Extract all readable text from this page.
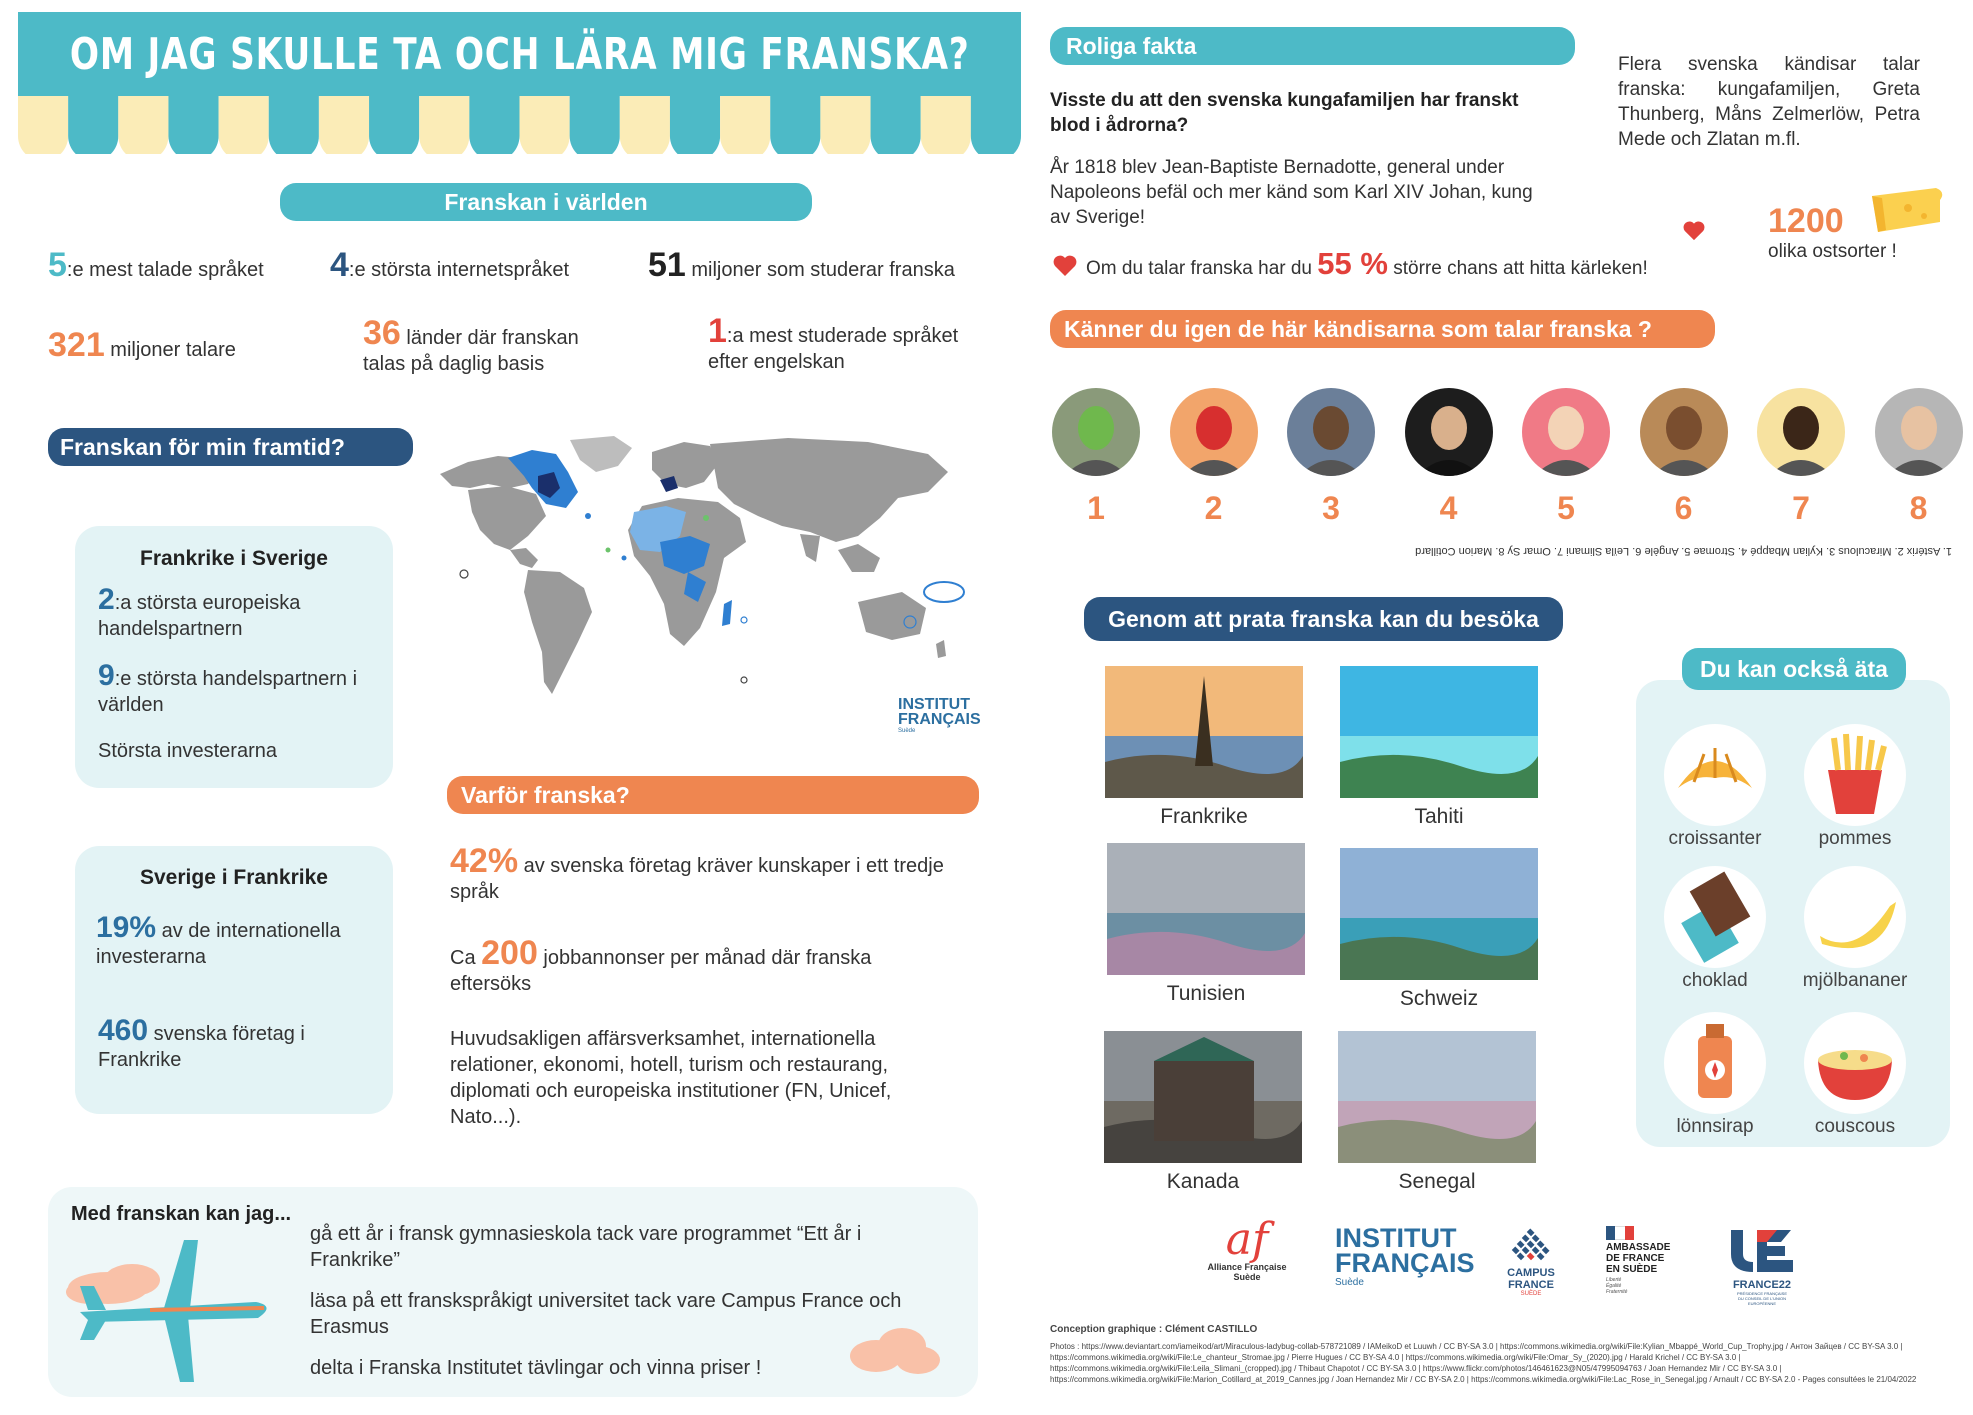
OM JAG SKULLE TA OCH LÄRA MIG FRANSKA?
Franskan i världen
5:e mest talade språket 4:e största internetspråket 51 miljoner som studerar franska
321 miljoner talare	36 länder där franskan talas på daglig basis
1:a mest studerade språket efter engelskan
Franskan för min framtid?
Frankrike i Sverige
2:a största europeiska handelspartnern
9:e största handelspartnern i världen
Största investerarna
Sverige i Frankrike
19% av de internationella investerarna
460 svenska företag i Frankrike
INSTITUT
FRANÇAIS
Suède
Varför franska?
42% av svenska företag kräver kunskaper i ett tredje språk
Ca 200 jobbannonser per månad där franska eftersöks
Huvudsakligen affärsverksamhet, internationella relationer, ekonomi, hotell, turism och restaurang, diplomati och europeiska institutioner (FN, Unicef, Nato...).
Med franskan kan jag...
gå ett år i fransk gymnasieskola tack vare programmet “Ett år i Frankrike”
läsa på ett franskspråkigt universitet tack vare Campus France och Erasmus
delta i Franska Institutet tävlingar och vinna priser !
Roliga fakta
Visste du att den svenska kungafamiljen har franskt blod i ådrorna?
År 1818 blev Jean-Baptiste Bernadotte, general under Napoleons befäl och mer känd som Karl XIV Johan, kung av Sverige!
Flera svenska kändisar talar franska: kungafamiljen, Greta Thunberg, Måns Zelmerlöw, Petra Mede och Zlatan m.fl.
Om du talar franska har du 55 % större chans att hitta kärleken!
1200
olika ostsorter !
Känner du igen de här kändisarna som talar franska ?
1	2	3	4	5	6	7	8
1. Astérix 2. Miraculous 3. Kylian Mbappé 4. Stromae 5. Angèle 6. Leïla Slimani 7. Omar Sy 8. Marion Cotillard
Genom att prata franska kan du besöka
Frankrike	Tahiti
Tunisien	Schweiz
Kanada	Senegal
Du kan också äta
croissanter	pommes
choklad	mjölbananer
lönnsirap	couscous
af
Alliance Française
Suède
INSTITUT
FRANÇAIS
Suède
CAMPUS
FRANCE
SUÈDE
AMBASSADE
DE FRANCE
EN SUÈDE
Liberté
Égalité
Fraternité
FRANCE22
PRÉSIDENCE FRANÇAISE
DU CONSEIL DE L'UNION
EUROPÉENNE
Conception graphique : Clément CASTILLO
Photos : https://www.deviantart.com/iameikod/art/Miraculous-ladybug-collab-578721089 / IAMeikoD et Luuwh / CC BY-SA 3.0 | https://commons.wikimedia.org/wiki/File:Kylian_Mbappé_World_Cup_Trophy.jpg / Антон Зайцев / CC BY-SA 3.0 | https://commons.wikimedia.org/wiki/File:Le_chanteur_Stromae.jpg / Pierre Hugues / CC BY-SA 4.0 | https://commons.wikimedia.org/wiki/File:Omar_Sy_(2020).jpg / Harald Krichel / CC BY-SA 3.0 | https://commons.wikimedia.org/wiki/File:Leila_Slimani_(cropped).jpg / Thibaut Chapotot / CC BY-SA 3.0 | https://www.flickr.com/photos/146461623@N05/47995094763 / Joan Hernandez Mir / CC BY-SA 3.0 | https://commons.wikimedia.org/wiki/File:Marion_Cotillard_at_2019_Cannes.jpg / Joan Hernandez Mir / CC BY-SA 2.0 | https://commons.wikimedia.org/wiki/File:Lac_Rose_in_Senegal.jpg / Arnault / CC BY-SA 2.0 - Pages consultées le 21/04/2022
